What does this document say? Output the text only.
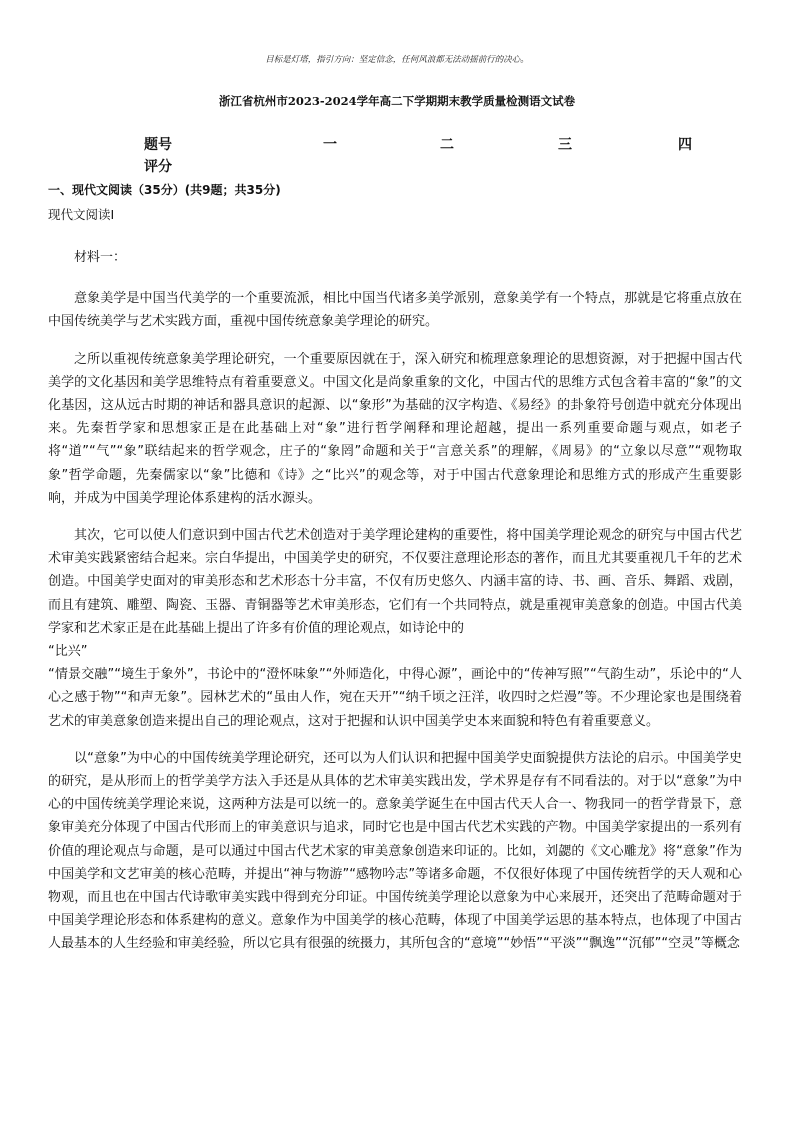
目标是灯塔，指引方向：坚定信念，任何风浪都无法动摇前行的决心。
浙江省杭州市2023-2024学年高二下学期期末教学质量检测语文试卷
题号	一	二	三	四
评分
一、现代文阅读（35分）(共9题；共35分)
现代文阅读Ⅰ

材料一：

意象美学是中国当代美学的一个重要流派，相比中国当代诸多美学派别，意象美学有一个特点，那就是它将重点放在中国传统美学与艺术实践方面，重视中国传统意象美学理论的研究。

之所以重视传统意象美学理论研究，一个重要原因就在于，深入研究和梳理意象理论的思想资源，对于把握中国古代美学的文化基因和美学思维特点有着重要意义。中国文化是尚象重象的文化，中国古代的思维方式包含着丰富的“象”的文化基因，这从远古时期的神话和器具意识的起源、以“象形”为基础的汉字构造、《易经》的卦象符号创造中就充分体现出来。先秦哲学家和思想家正是在此基础上对“象”进行哲学阐释和理论超越，提出一系列重要命题与观点，如老子将“道”“气”“象”联结起来的哲学观念，庄子的“象罔”命题和关于“言意关系”的理解，《周易》的“立象以尽意”“观物取象”哲学命题，先秦儒家以“象”比德和《诗》之“比兴”的观念等，对于中国古代意象理论和思维方式的形成产生重要影响，并成为中国美学理论体系建构的活水源头。

其次，它可以使人们意识到中国古代艺术创造对于美学理论建构的重要性，将中国美学理论观念的研究与中国古代艺术审美实践紧密结合起来。宗白华提出，中国美学史的研究，不仅要注意理论形态的著作，而且尤其要重视几千年的艺术创造。中国美学史面对的审美形态和艺术形态十分丰富，不仅有历史悠久、内涵丰富的诗、书、画、音乐、舞蹈、戏剧，而且有建筑、雕塑、陶瓷、玉器、青铜器等艺术审美形态，它们有一个共同特点，就是重视审美意象的创造。中国古代美学家和艺术家正是在此基础上提出了许多有价值的理论观点，如诗论中的

“比兴”

“情景交融”“境生于象外”，书论中的“澄怀味象”“外师造化，中得心源”，画论中的“传神写照”“气韵生动”，乐论中的“人心之感于物”“和声无象”。园林艺术的“虽由人作，宛在天开”“纳千顷之汪洋，收四时之烂漫”等。不少理论家也是围绕着艺术的审美意象创造来提出自己的理论观点，这对于把握和认识中国美学史本来面貌和特色有着重要意义。

以“意象”为中心的中国传统美学理论研究，还可以为人们认识和把握中国美学史面貌提供方法论的启示。中国美学史的研究，是从形而上的哲学美学方法入手还是从具体的艺术审美实践出发，学术界是存有不同看法的。对于以“意象”为中心的中国传统美学理论来说，这两种方法是可以统一的。意象美学诞生在中国古代天人合一、物我同一的哲学背景下，意象审美充分体现了中国古代形而上的审美意识与追求，同时它也是中国古代艺术实践的产物。中国美学家提出的一系列有价值的理论观点与命题，是可以通过中国古代艺术家的审美意象创造来印证的。比如，刘勰的《文心雕龙》将“意象”作为中国美学和文艺审美的核心范畴，并提出“神与物游”“感物吟志”等诸多命题，不仅很好体现了中国传统哲学的天人观和心物观，而且也在中国古代诗歌审美实践中得到充分印证。中国传统美学理论以意象为中心来展开，还突出了范畴命题对于中国美学理论形态和体系建构的意义。意象作为中国美学的核心范畴，体现了中国美学运思的基本特点，也体现了中国古人最基本的人生经验和审美经验，所以它具有很强的统摄力，其所包含的“意境”“妙悟”“平淡”“飘逸”“沉郁”“空灵”等概念
